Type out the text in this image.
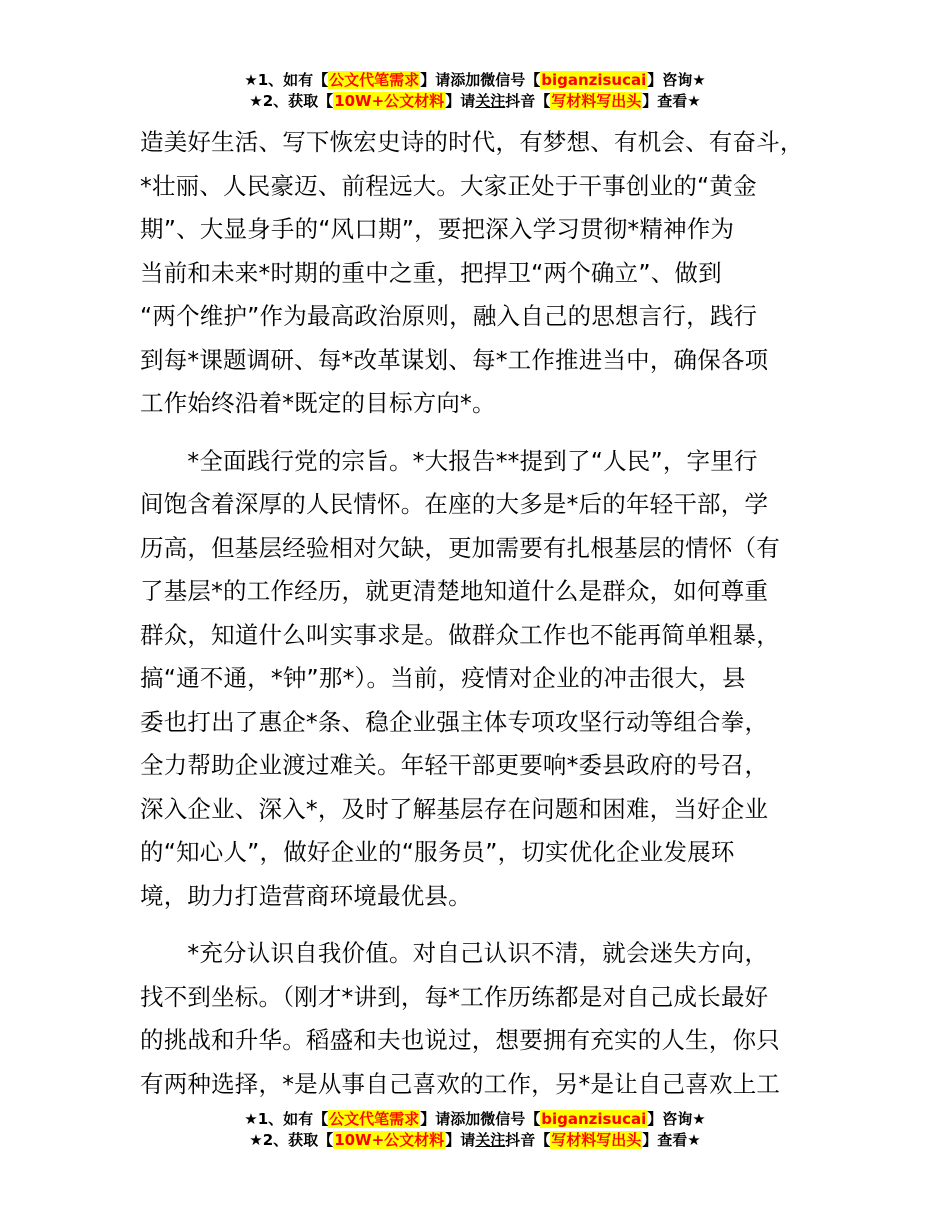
★1、如有【公文代笔需求】请添加微信号【biganzisucai】咨询★
★2、获取【10W+公文材料】请关注抖音【写材料写出头】查看★
造美好生活、写下恢宏史诗的时代，有梦想、有机会、有奋斗，
*壮丽、人民豪迈、前程远大。大家正处于干事创业的“黄金
期”、大显身手的“风口期”，要把深入学习贯彻*精神作为
当前和未来*时期的重中之重，把捍卫“两个确立”、做到
“两个维护”作为最高政治原则，融入自己的思想言行，践行
到每*课题调研、每*改革谋划、每*工作推进当中，确保各项
工作始终沿着*既定的目标方向*。
　　*全面践行党的宗旨。*大报告**提到了“人民”，字里行
间饱含着深厚的人民情怀。在座的大多是*后的年轻干部，学
历高，但基层经验相对欠缺，更加需要有扎根基层的情怀（有
了基层*的工作经历，就更清楚地知道什么是群众，如何尊重
群众，知道什么叫实事求是。做群众工作也不能再简单粗暴，
搞“通不通，*钟”那*）。当前，疫情对企业的冲击很大，县
委也打出了惠企*条、稳企业强主体专项攻坚行动等组合拳，
全力帮助企业渡过难关。年轻干部更要响*委县政府的号召，
深入企业、深入*，及时了解基层存在问题和困难，当好企业
的“知心人”，做好企业的“服务员”，切实优化企业发展环
境，助力打造营商环境最优县。
　　*充分认识自我价值。对自己认识不清，就会迷失方向，
找不到坐标。（刚才*讲到，每*工作历练都是对自己成长最好
的挑战和升华。稻盛和夫也说过，想要拥有充实的人生，你只
有两种选择，*是从事自己喜欢的工作，另*是让自己喜欢上工
★1、如有【公文代笔需求】请添加微信号【biganzisucai】咨询★
★2、获取【10W+公文材料】请关注抖音【写材料写出头】查看★
